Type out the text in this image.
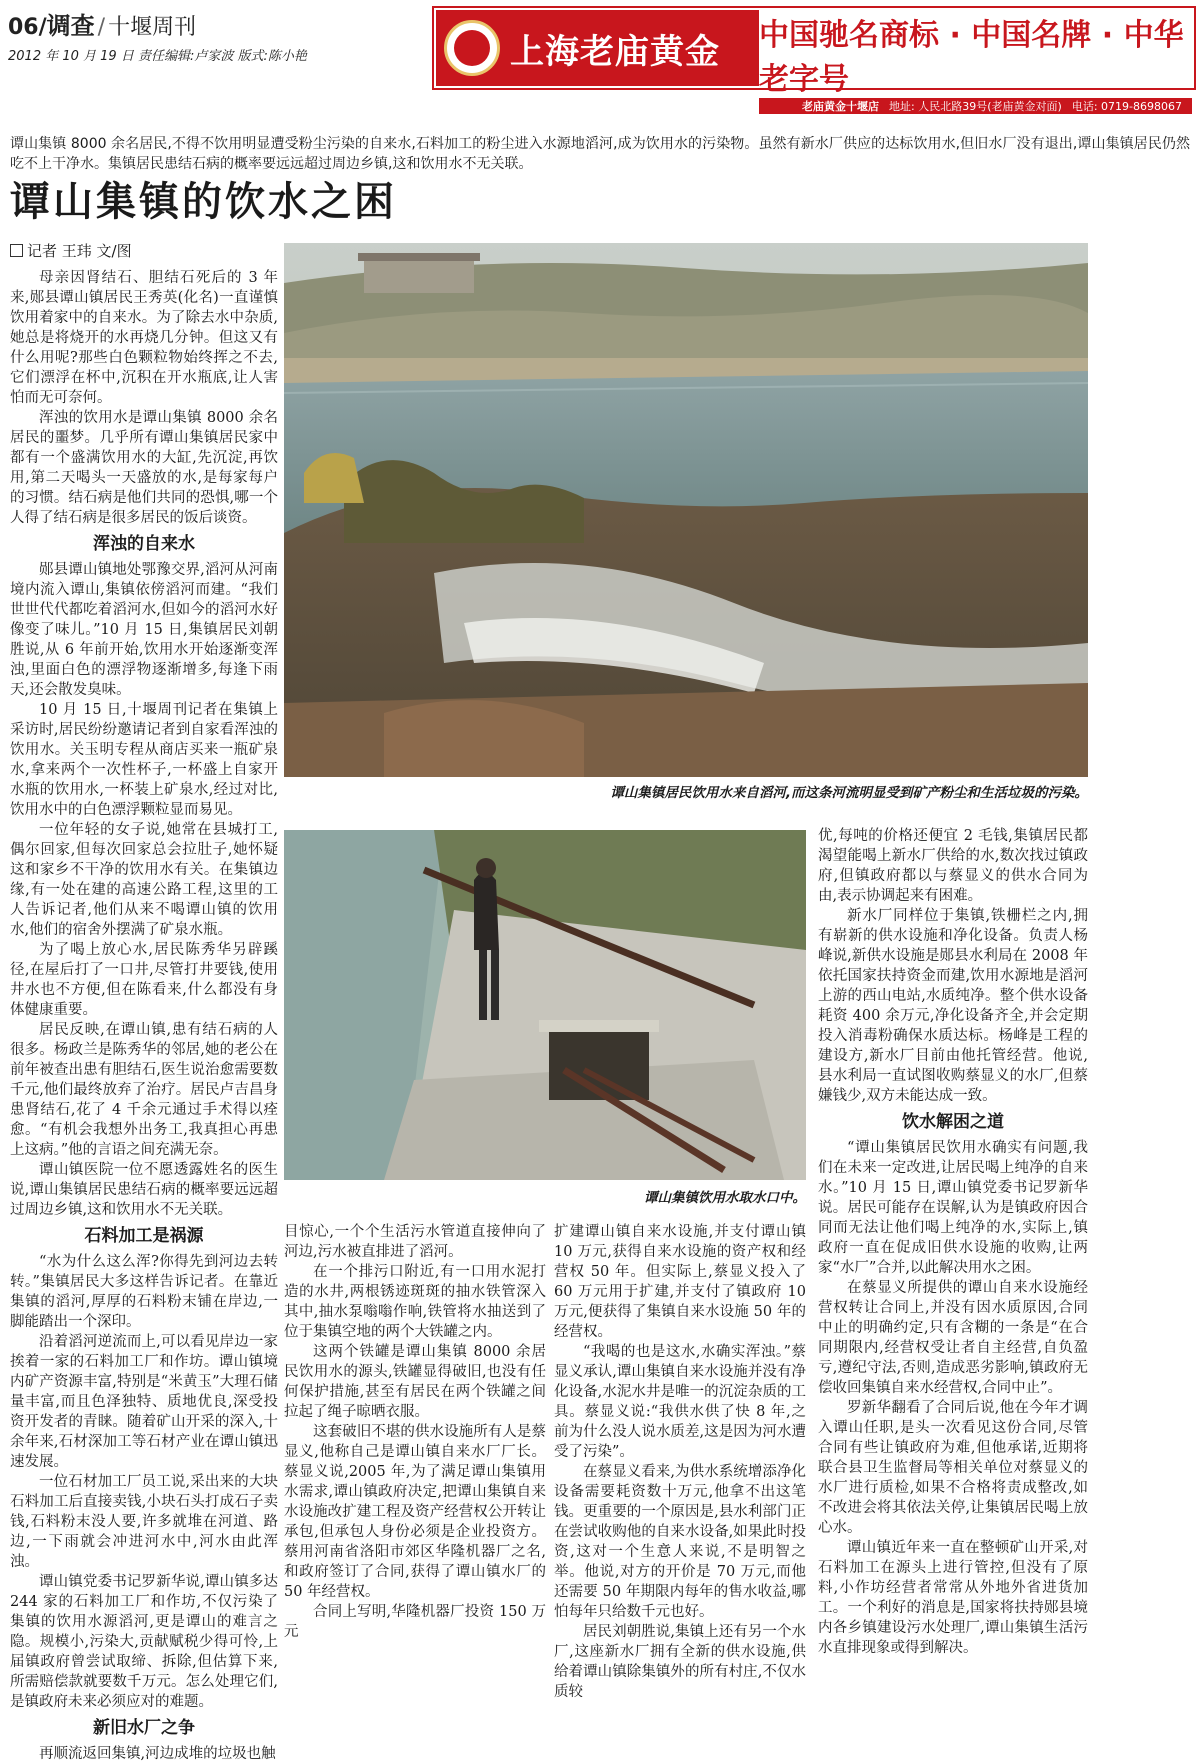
06/调查 / 十堰周刊
2012 年 10 月 19 日 责任编辑:卢家波 版式:陈小艳	上海老庙黄金 中国驰名商标 · 中国名牌 · 中华老字号
老庙黄金十堰店 地址: 人民北路39号(老庙黄金对面) 电话: 0719-8698067
谭山集镇 8000 余名居民,不得不饮用明显遭受粉尘污染的自来水,石料加工的粉尘进入水源地滔河,成为饮用水的污染物。虽然有新水厂供应的达标饮用水,但旧水厂没有退出,谭山集镇居民仍然吃不上干净水。集镇居民患结石病的概率要远远超过周边乡镇,这和饮用水不无关联。
谭山集镇的饮水之困
记者 王玮 文/图

母亲因肾结石、胆结石死后的 3 年来,郧县谭山镇居民王秀英(化名)一直谨慎饮用着家中的自来水。为了除去水中杂质,她总是将烧开的水再烧几分钟。但这又有什么用呢?那些白色颗粒物始终挥之不去,它们漂浮在杯中,沉积在开水瓶底,让人害怕而无可奈何。

浑浊的饮用水是谭山集镇 8000 余名居民的噩梦。几乎所有谭山集镇居民家中都有一个盛满饮用水的大缸,先沉淀,再饮用,第二天喝头一天盛放的水,是每家每户的习惯。结石病是他们共同的恐惧,哪一个人得了结石病是很多居民的饭后谈资。

浑浊的自来水

郧县谭山镇地处鄂豫交界,滔河从河南境内流入谭山,集镇依傍滔河而建。“我们世世代代都吃着滔河水,但如今的滔河水好像变了味儿。”10 月 15 日,集镇居民刘朝胜说,从 6 年前开始,饮用水开始逐渐变浑浊,里面白色的漂浮物逐渐增多,每逢下雨天,还会散发臭味。

10 月 15 日,十堰周刊记者在集镇上采访时,居民纷纷邀请记者到自家看浑浊的饮用水。关玉明专程从商店买来一瓶矿泉水,拿来两个一次性杯子,一杯盛上自家开水瓶的饮用水,一杯装上矿泉水,经过对比,饮用水中的白色漂浮颗粒显而易见。

一位年轻的女子说,她常在县城打工,偶尔回家,但每次回家总会拉肚子,她怀疑这和家乡不干净的饮用水有关。在集镇边缘,有一处在建的高速公路工程,这里的工人告诉记者,他们从来不喝谭山镇的饮用水,他们的宿舍外摆满了矿泉水瓶。

为了喝上放心水,居民陈秀华另辟蹊径,在屋后打了一口井,尽管打井要钱,使用井水也不方便,但在陈看来,什么都没有身体健康重要。

居民反映,在谭山镇,患有结石病的人很多。杨政兰是陈秀华的邻居,她的老公在前年被查出患有胆结石,医生说治愈需要数千元,他们最终放弃了治疗。居民卢吉昌身患肾结石,花了 4 千余元通过手术得以痊愈。“有机会我想外出务工,我真担心再患上这病。”他的言语之间充满无奈。

谭山镇医院一位不愿透露姓名的医生说,谭山集镇居民患结石病的概率要远远超过周边乡镇,这和饮用水不无关联。

石料加工是祸源

“水为什么这么浑?你得先到河边去转转。”集镇居民大多这样告诉记者。在靠近集镇的滔河,厚厚的石料粉末铺在岸边,一脚能踏出一个深印。

沿着滔河逆流而上,可以看见岸边一家挨着一家的石料加工厂和作坊。谭山镇境内矿产资源丰富,特别是“米黄玉”大理石储量丰富,而且色泽独特、质地优良,深受投资开发者的青睐。随着矿山开采的深入,十余年来,石材深加工等石材产业在谭山镇迅速发展。

一位石材加工厂员工说,采出来的大块石料加工后直接卖钱,小块石头打成石子卖钱,石料粉末没人要,许多就堆在河道、路边,一下雨就会冲进河水中,河水由此浑浊。

谭山镇党委书记罗新华说,谭山镇多达 244 家的石料加工厂和作坊,不仅污染了集镇的饮用水源滔河,更是谭山的难言之隐。规模小,污染大,贡献赋税少得可怜,上届镇政府曾尝试取缔、拆除,但估算下来,所需赔偿款就要数千万元。怎么处理它们,是镇政府未来必须应对的难题。

新旧水厂之争

再顺流返回集镇,河边成堆的垃圾也触

谭山集镇居民饮用水来自滔河,而这条河流明显受到矿产粉尘和生活垃圾的污染。
谭山集镇饮用水取水口中。

目惊心,一个个生活污水管道直接伸向了河边,污水被直排进了滔河。

在一个排污口附近,有一口用水泥打造的水井,两根锈迹斑斑的抽水铁管深入其中,抽水泵嗡嗡作响,铁管将水抽送到了位于集镇空地的两个大铁罐之内。

这两个铁罐是谭山集镇 8000 余居民饮用水的源头,铁罐显得破旧,也没有任何保护措施,甚至有居民在两个铁罐之间拉起了绳子晾晒衣服。

这套破旧不堪的供水设施所有人是蔡显义,他称自己是谭山镇自来水厂厂长。蔡显义说,2005 年,为了满足谭山集镇用水需求,谭山镇政府决定,把谭山集镇自来水设施改扩建工程及资产经营权公开转让承包,但承包人身份必须是企业投资方。蔡用河南省洛阳市郊区华隆机器厂之名,和政府签订了合同,获得了谭山镇水厂的 50 年经营权。

合同上写明,华隆机器厂投资 150 万元

扩建谭山镇自来水设施,并支付谭山镇 10 万元,获得自来水设施的资产权和经营权 50 年。但实际上,蔡显义投入了 60 万元用于扩建,并支付了镇政府 10 万元,便获得了集镇自来水设施 50 年的经营权。

“我喝的也是这水,水确实浑浊。”蔡显义承认,谭山集镇自来水设施并没有净化设备,水泥水井是唯一的沉淀杂质的工具。蔡显义说:“我供水供了快 8 年,之前为什么没人说水质差,这是因为河水遭受了污染”。

在蔡显义看来,为供水系统增添净化设备需要耗资数十万元,他拿不出这笔钱。更重要的一个原因是,县水利部门正在尝试收购他的自来水设备,如果此时投资,这对一个生意人来说,不是明智之举。他说,对方的开价是 70 万元,而他还需要 50 年期限内每年的售水收益,哪怕每年只给数千元也好。

居民刘朝胜说,集镇上还有另一个水厂,这座新水厂拥有全新的供水设施,供给着谭山镇除集镇外的所有村庄,不仅水质较

优,每吨的价格还便宜 2 毛钱,集镇居民都渴望能喝上新水厂供给的水,数次找过镇政府,但镇政府都以与蔡显义的供水合同为由,表示协调起来有困难。

新水厂同样位于集镇,铁栅栏之内,拥有崭新的供水设施和净化设备。负责人杨峰说,新供水设施是郧县水利局在 2008 年依托国家扶持资金而建,饮用水源地是滔河上游的西山电站,水质纯净。整个供水设备耗资 400 余万元,净化设备齐全,并会定期投入消毒粉确保水质达标。杨峰是工程的建设方,新水厂目前由他托管经营。他说,县水利局一直试图收购蔡显义的水厂,但蔡嫌钱少,双方未能达成一致。

饮水解困之道

“谭山集镇居民饮用水确实有问题,我们在未来一定改进,让居民喝上纯净的自来水。”10 月 15 日,谭山镇党委书记罗新华说。居民可能存在误解,认为是镇政府因合同而无法让他们喝上纯净的水,实际上,镇政府一直在促成旧供水设施的收购,让两家“水厂”合并,以此解决用水之困。

在蔡显义所提供的谭山自来水设施经营权转让合同上,并没有因水质原因,合同中止的明确约定,只有含糊的一条是“在合同期限内,经营权受让者自主经营,自负盈亏,遵纪守法,否则,造成恶劣影响,镇政府无偿收回集镇自来水经营权,合同中止”。

罗新华翻看了合同后说,他在今年才调入谭山任职,是头一次看见这份合同,尽管合同有些让镇政府为难,但他承诺,近期将联合县卫生监督局等相关单位对蔡显义的水厂进行质检,如果不合格将责成整改,如不改进会将其依法关停,让集镇居民喝上放心水。

谭山镇近年来一直在整顿矿山开采,对石料加工在源头上进行管控,但没有了原料,小作坊经营者常常从外地外省进货加工。一个利好的消息是,国家将扶持郧县境内各乡镇建设污水处理厂,谭山集镇生活污水直排现象或得到解决。
